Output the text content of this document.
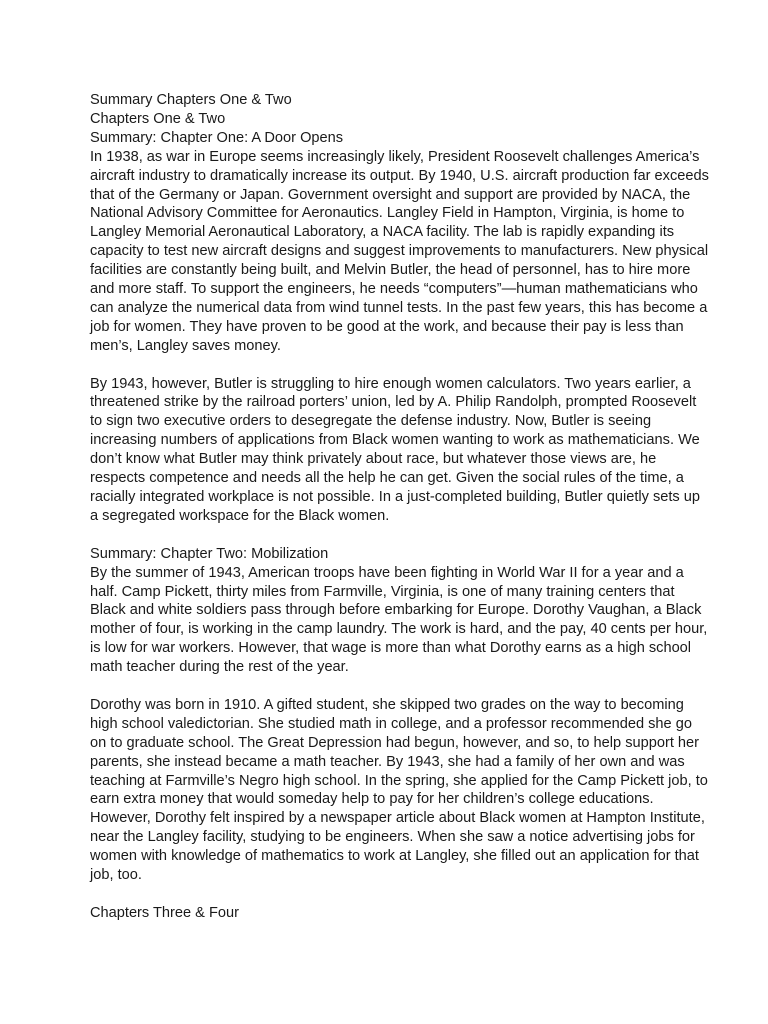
Summary Chapters One & Two

Chapters One & Two

Summary: Chapter One: A Door Opens

In 1938, as war in Europe seems increasingly likely, President Roosevelt challenges America’s
aircraft industry to dramatically increase its output. By 1940, U.S. aircraft production far exceeds
that of the Germany or Japan. Government oversight and support are provided by NACA, the
National Advisory Committee for Aeronautics. Langley Field in Hampton, Virginia, is home to
Langley Memorial Aeronautical Laboratory, a NACA facility. The lab is rapidly expanding its
capacity to test new aircraft designs and suggest improvements to manufacturers. New physical
facilities are constantly being built, and Melvin Butler, the head of personnel, has to hire more
and more staff. To support the engineers, he needs “computers”—human mathematicians who
can analyze the numerical data from wind tunnel tests. In the past few years, this has become a
job for women. They have proven to be good at the work, and because their pay is less than
men’s, Langley saves money.
By 1943, however, Butler is struggling to hire enough women calculators. Two years earlier, a
threatened strike by the railroad porters’ union, led by A. Philip Randolph, prompted Roosevelt
to sign two executive orders to desegregate the defense industry. Now, Butler is seeing
increasing numbers of applications from Black women wanting to work as mathematicians. We
don’t know what Butler may think privately about race, but whatever those views are, he
respects competence and needs all the help he can get. Given the social rules of the time, a
racially integrated workplace is not possible. In a just-completed building, Butler quietly sets up
a segregated workspace for the Black women.

Summary: Chapter Two: Mobilization

By the summer of 1943, American troops have been fighting in World War II for a year and a
half. Camp Pickett, thirty miles from Farmville, Virginia, is one of many training centers that
Black and white soldiers pass through before embarking for Europe. Dorothy Vaughan, a Black
mother of four, is working in the camp laundry. The work is hard, and the pay, 40 cents per hour,
is low for war workers. However, that wage is more than what Dorothy earns as a high school
math teacher during the rest of the year.
Dorothy was born in 1910. A gifted student, she skipped two grades on the way to becoming
high school valedictorian. She studied math in college, and a professor recommended she go
on to graduate school. The Great Depression had begun, however, and so, to help support her
parents, she instead became a math teacher. By 1943, she had a family of her own and was
teaching at Farmville’s Negro high school. In the spring, she applied for the Camp Pickett job, to
earn extra money that would someday help to pay for her children’s college educations.
However, Dorothy felt inspired by a newspaper article about Black women at Hampton Institute,
near the Langley facility, studying to be engineers. When she saw a notice advertising jobs for
women with knowledge of mathematics to work at Langley, she filled out an application for that
job, too.

Chapters Three & Four
